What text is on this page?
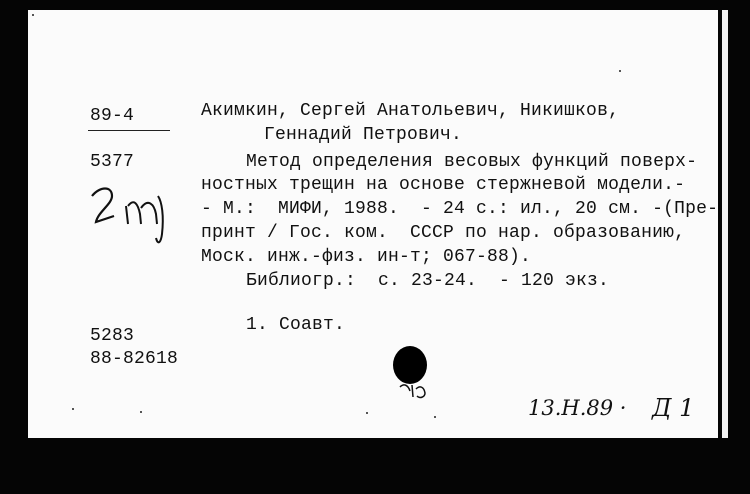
89-4
5377
Акимкин, Сергей Анатольевич, Никишков,
Геннадий Петрович.
Метод определения весовых функций поверх-
ностных трещин на основе стержневой модели.-
- М.:  МИФИ, 1988.  - 24 с.: ил., 20 см. -(Пре-
принт / Гос. ком.  СССР по нар. образованию,
Моск. инж.-физ. ин-т; 067-88).
Библиогр.:  с. 23-24.  - 120 экз.
1. Соавт.
5283
88-82618
13.Н.89 · Д 1
